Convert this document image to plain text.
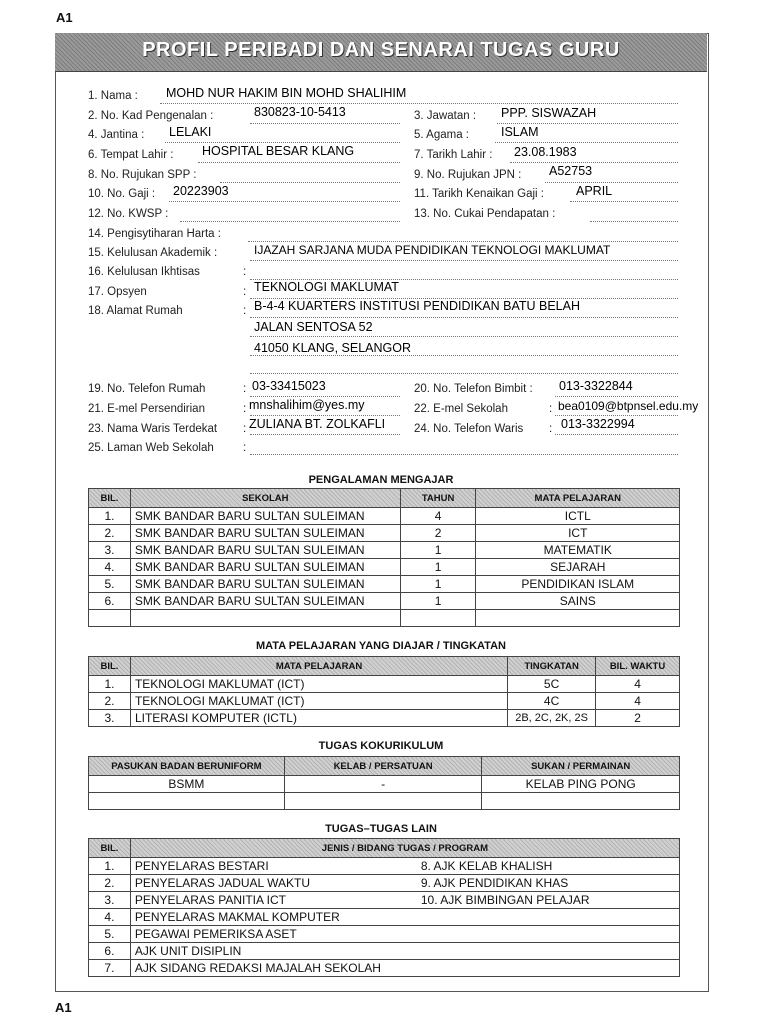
A1
A1
PROFIL PERIBADI DAN SENARAI TUGAS GURU
1. Nama : MOHD NUR HAKIM BIN MOHD SHALIHIM
2. No. Kad Pengenalan :	830823-10-5413	3. Jawatan : PPP. SISWAZAH
4. Jantina : LELAKI	5. Agama :	ISLAM
6. Tempat Lahir : HOSPITAL BESAR KLANG	7. Tarikh Lahir : 23.08.1983
8. No. Rujukan SPP :	9. No. Rujukan JPN : A52753
10. No. Gaji : 20223903	11. Tarikh Kenaikan Gaji :	APRIL
12. No. KWSP :	13. No. Cukai Pendapatan :
14. Pengisytiharan Harta :
15. Kelulusan Akademik :	IJAZAH SARJANA MUDA PENDIDIKAN TEKNOLOGI MAKLUMAT
16. Kelulusan Ikhtisas	:
17. Opsyen	: TEKNOLOGI MAKLUMAT
18. Alamat Rumah	: B-4-4 KUARTERS INSTITUSI PENDIDIKAN BATU BELAH
JALAN SENTOSA 52
41050 KLANG, SELANGOR
19. No. Telefon Rumah	: 03-33415023	20. No. Telefon Bimbit : 013-3322844
21. E-mel Persendirian	: mnshalihim@yes.my	22. E-mel Sekolah	: bea0109@btpnsel.edu.my
23. Nama Waris Terdekat : ZULIANA BT. ZOLKAFLI	24. No. Telefon Waris : 013-3322994
25. Laman Web Sekolah	:
PENGALAMAN MENGAJAR
BIL.	SEKOLAH	TAHUN	MATA PELAJARAN
1.	SMK BANDAR BARU SULTAN SULEIMAN	4	ICTL
2.	SMK BANDAR BARU SULTAN SULEIMAN	2	ICT
3.	SMK BANDAR BARU SULTAN SULEIMAN	1	MATEMATIK
4.	SMK BANDAR BARU SULTAN SULEIMAN	1	SEJARAH
5.	SMK BANDAR BARU SULTAN SULEIMAN	1	PENDIDIKAN ISLAM
6.	SMK BANDAR BARU SULTAN SULEIMAN	1	SAINS

MATA PELAJARAN YANG DIAJAR / TINGKATAN
BIL.	MATA PELAJARAN	TINGKATAN	BIL. WAKTU
1.	TEKNOLOGI MAKLUMAT (ICT)	5C	4
2.	TEKNOLOGI MAKLUMAT (ICT)	4C	4
3.	LITERASI KOMPUTER (ICTL)	2B, 2C, 2K, 2S	2
TUGAS KOKURIKULUM
PASUKAN BADAN BERUNIFORM	KELAB / PERSATUAN	SUKAN / PERMAINAN
BSMM	-	KELAB PING PONG

TUGAS–TUGAS LAIN
BIL.	JENIS / BIDANG TUGAS / PROGRAM
1.	PENYELARAS BESTARI 8. AJK KELAB KHALISH
2.	PENYELARAS JADUAL WAKTU 9. AJK PENDIDIKAN KHAS
3.	PENYELARAS PANITIA ICT 10. AJK BIMBINGAN PELAJAR
4.	PENYELARAS MAKMAL KOMPUTER
5.	PEGAWAI PEMERIKSA ASET
6.	AJK UNIT DISIPLIN
7.	AJK SIDANG REDAKSI MAJALAH SEKOLAH
